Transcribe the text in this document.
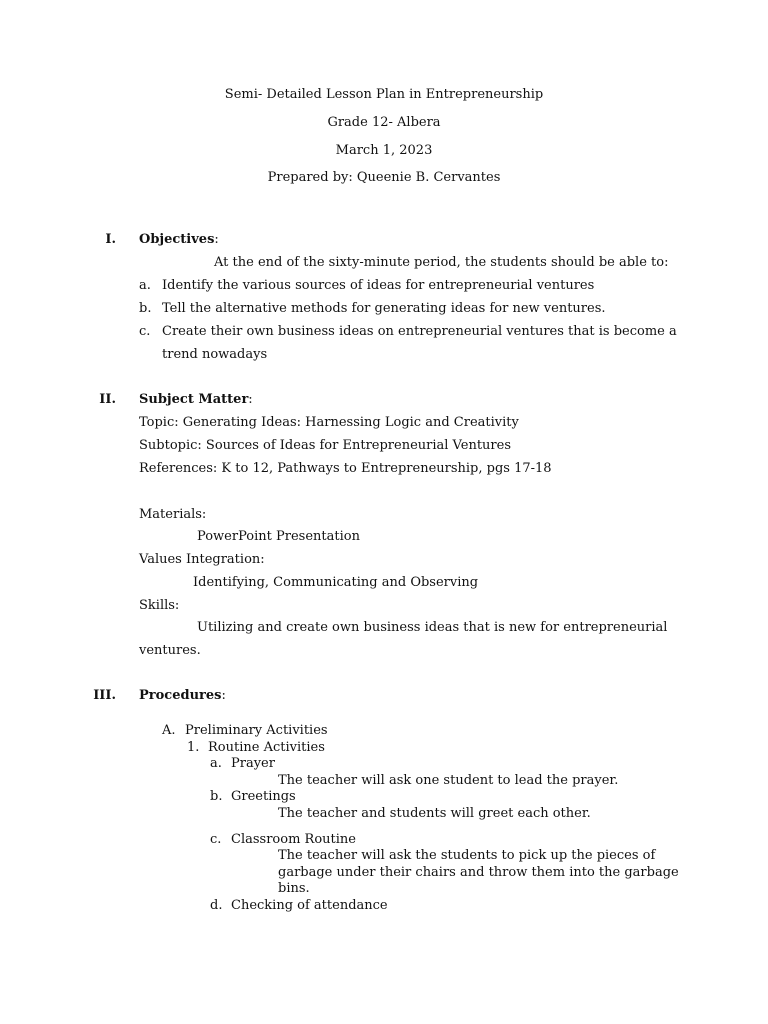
Semi- Detailed Lesson Plan in Entrepreneurship
Grade 12- Albera
March 1, 2023
Prepared by: Queenie B. Cervantes
I. Objectives:
At the end of the sixty-minute period, the students should be able to:
a. Identify the various sources of ideas for entrepreneurial ventures
b. Tell the alternative methods for generating ideas for new ventures.
c. Create their own business ideas on entrepreneurial ventures that is become a
trend nowadays
II. Subject Matter:
Topic: Generating Ideas: Harnessing Logic and Creativity
Subtopic: Sources of Ideas for Entrepreneurial Ventures
References: K to 12, Pathways to Entrepreneurship, pgs 17-18
Materials:
PowerPoint Presentation
Values Integration:
Identifying, Communicating and Observing
Skills:
Utilizing and create own business ideas that is new for entrepreneurial
ventures.
III. Procedures:
A. Preliminary Activities
1. Routine Activities
a. Prayer
The teacher will ask one student to lead the prayer.
b. Greetings
The teacher and students will greet each other.
c. Classroom Routine
The teacher will ask the students to pick up the pieces of
garbage under their chairs and throw them into the garbage
bins.
d. Checking of attendance
